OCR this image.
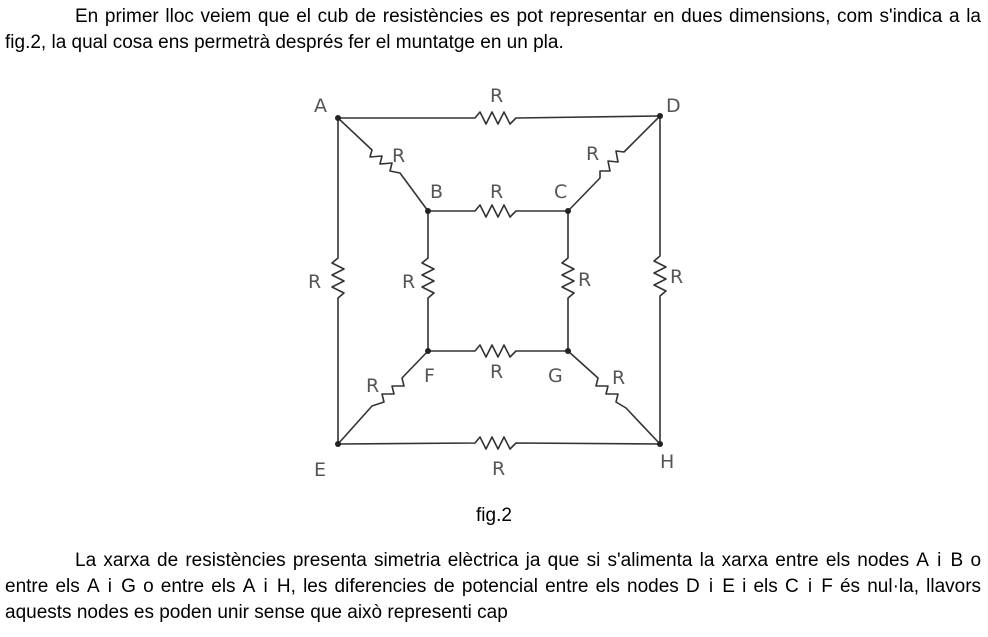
En primer lloc veiem que el cub de resistències es pot representar en dues dimensions, com s'indica a la fig.2, la qual cosa ens permetrà després fer el muntatge en un pla.

A	D
E	H
B	C
F	G
R
R
R
R
R	R
R	R
R	R
R	R
fig.2

La xarxa de resistències presenta simetria elèctrica ja que si s'alimenta la xarxa entre els nodes A i B o entre els A i G o entre els A i H, les diferencies de potencial entre els nodes D i E i els C i F és nul·la, llavors aquests nodes es poden unir sense que això representi cap
